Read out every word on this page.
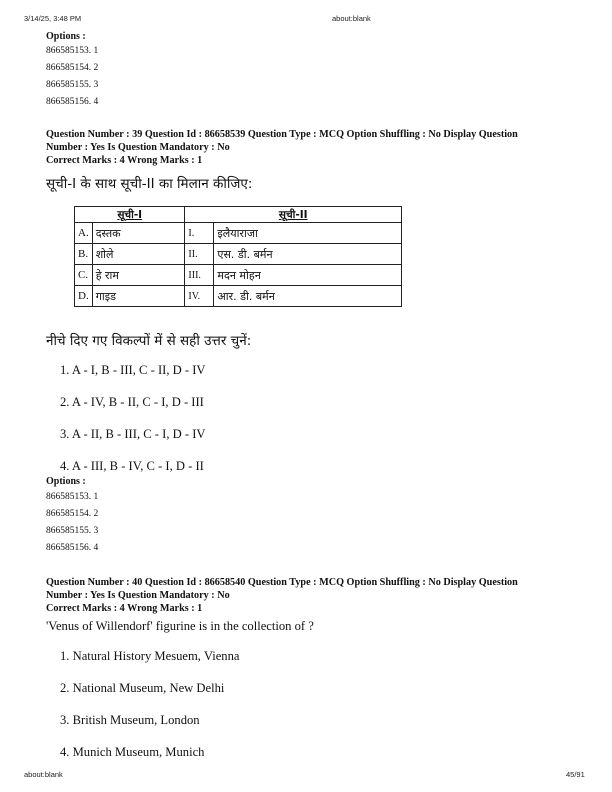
3/14/25, 3:48 PM	about:blank
Options :
866585153. 1
866585154. 2
866585155. 3
866585156. 4
Question Number : 39 Question Id : 86658539 Question Type : MCQ Option Shuffling : No Display Question
Number : Yes Is Question Mandatory : No
Correct Marks : 4 Wrong Marks : 1
सूची-I के साथ सूची-II का मिलान कीजिए:
सूची-I		सूची-II	
A.	दस्तक	I.	इलैयाराजा
B.	शोले	II.	एस. डी. बर्मन
C.	हे राम	III.	मदन मोहन
D.	गाइड	IV.	आर. डी. बर्मन
नीचे दिए गए विकल्पों में से सही उत्तर चुनें:
1. A - I, B - III, C - II, D - IV
2. A - IV, B - II, C - I, D - III
3. A - II, B - III, C - I, D - IV
4. A - III, B - IV, C - I, D - II
Options :
866585153. 1
866585154. 2
866585155. 3
866585156. 4
Question Number : 40 Question Id : 86658540 Question Type : MCQ Option Shuffling : No Display Question
Number : Yes Is Question Mandatory : No
Correct Marks : 4 Wrong Marks : 1
'Venus of Willendorf' figurine is in the collection of ?
1. Natural History Mesuem, Vienna
2. National Museum, New Delhi
3. British Museum, London
4. Munich Museum, Munich
about:blank	45/91
